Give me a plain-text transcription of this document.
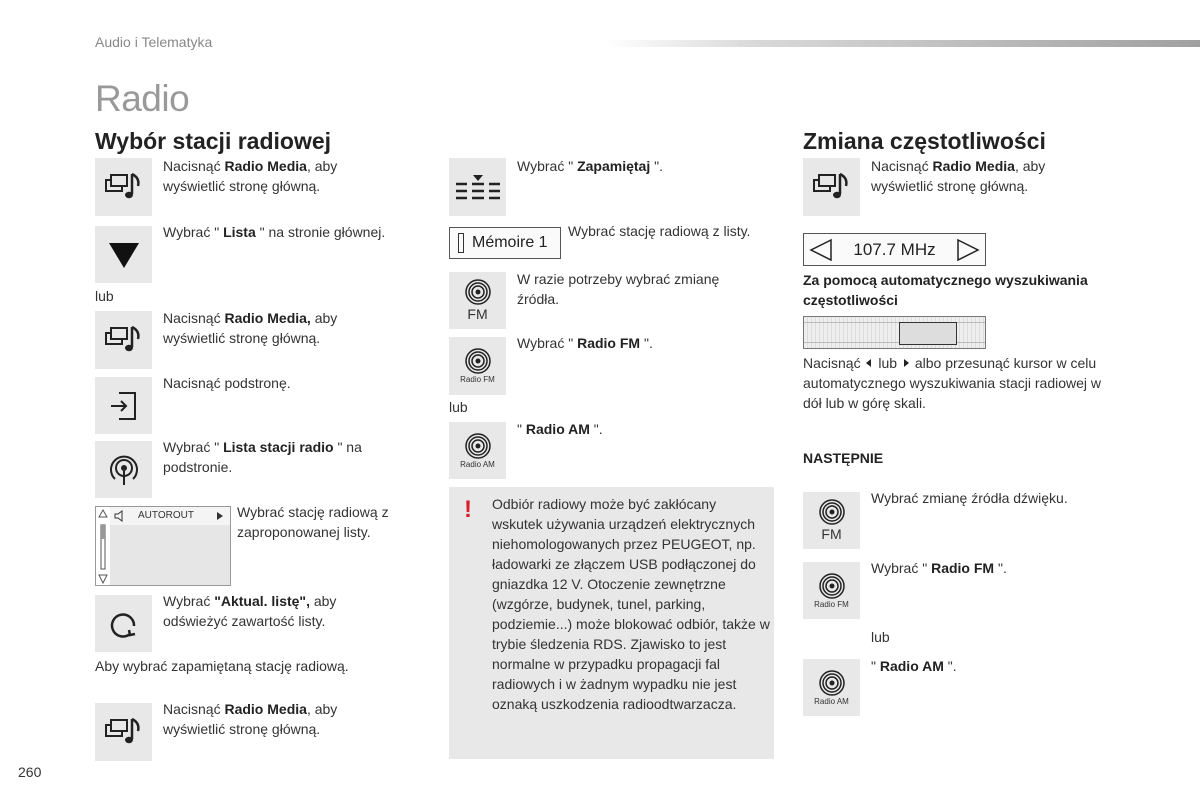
Audio i Telematyka
Radio
Wybór stacji radiowej
Nacisnąć Radio Media, aby wyświetlić stronę główną.
Wybrać " Lista " na stronie głównej.
lub
Nacisnąć Radio Media, aby wyświetlić stronę główną.
Nacisnąć podstronę.
Wybrać " Lista stacji radio " na podstronie.
AUTOROUT	Wybrać stację radiową z zaproponowanej listy.
Wybrać "Aktual. listę", aby odświeżyć zawartość listy.
Aby wybrać zapamiętaną stację radiową.
Nacisnąć Radio Media, aby wyświetlić stronę główną.
Wybrać " Zapamiętaj ".
Mémoire 1
Wybrać stację radiową z listy.
FM
W razie potrzeby wybrać zmianę źródła.
Radio FM
Wybrać " Radio FM ".
lub
Radio AM
" Radio AM ".
! Odbiór radiowy może być zakłócany wskutek używania urządzeń elektrycznych niehomologowanych przez PEUGEOT, np. ładowarki ze złączem USB podłączonej do gniazdka 12 V. Otoczenie zewnętrzne (wzgórze, budynek, tunel, parking, podziemie...) może blokować odbiór, także w trybie śledzenia RDS. Zjawisko to jest normalne w przypadku propagacji fal radiowych i w żadnym wypadku nie jest oznaką uszkodzenia radioodtwarzacza.
Zmiana częstotliwości
Nacisnąć Radio Media, aby wyświetlić stronę główną.
107.7 MHz
Za pomocą automatycznego wyszukiwania częstotliwości
Nacisnąć lub albo przesunąć kursor w celu automatycznego wyszukiwania stacji radiowej w dół lub w górę skali.
NASTĘPNIE
FM
Wybrać zmianę źródła dźwięku.
Radio FM
Wybrać " Radio FM ".
lub
Radio AM
" Radio AM ".
260
